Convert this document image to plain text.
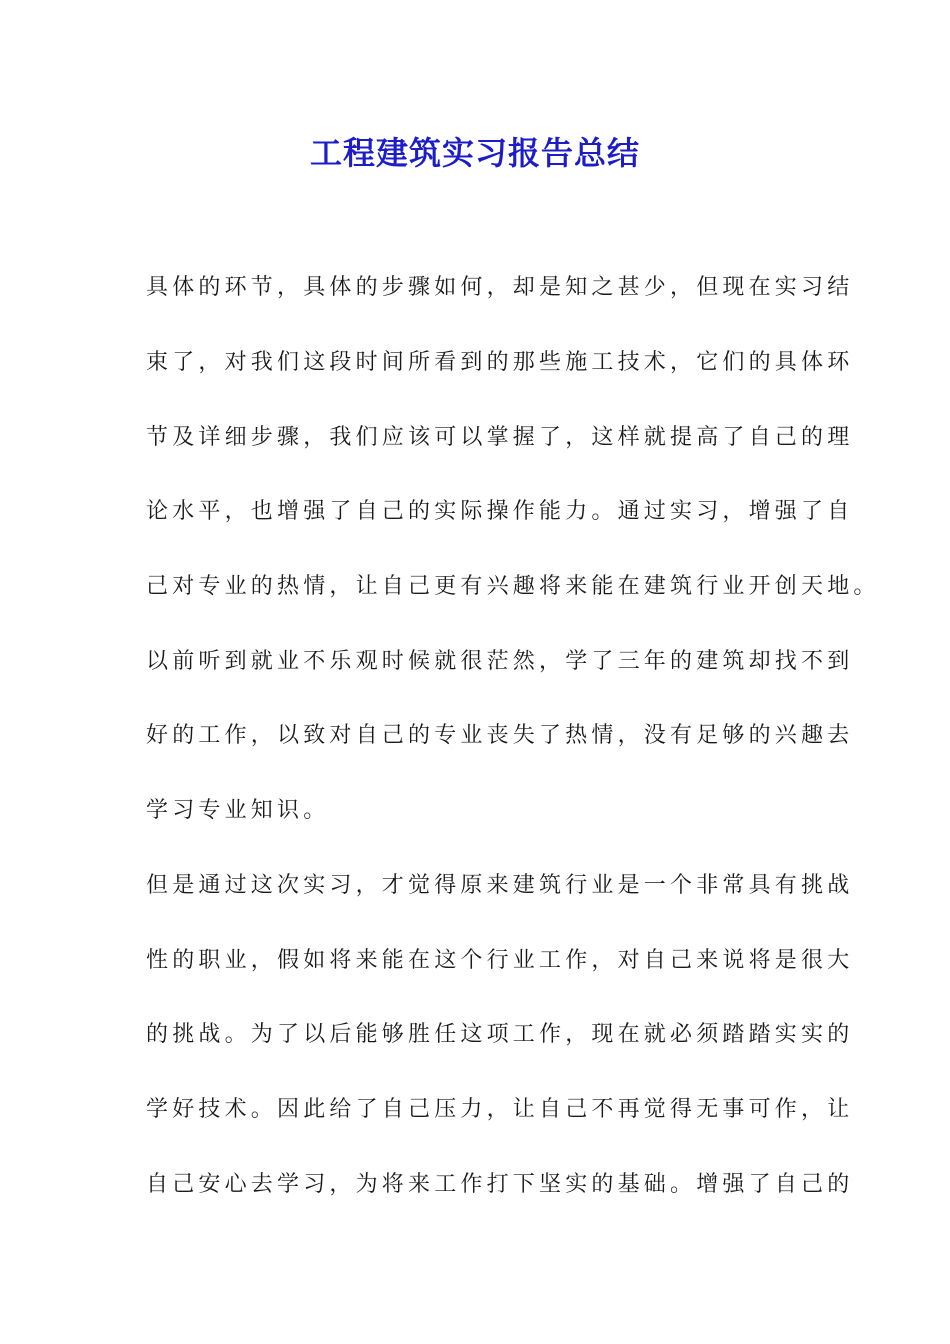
工程建筑实习报告总结
具体的环节，具体的步骤如何，却是知之甚少，但现在实习结
束了，对我们这段时间所看到的那些施工技术，它们的具体环
节及详细步骤，我们应该可以掌握了，这样就提高了自己的理
论水平，也增强了自己的实际操作能力。通过实习，增强了自
己对专业的热情，让自己更有兴趣将来能在建筑行业开创天地。
以前听到就业不乐观时候就很茫然，学了三年的建筑却找不到
好的工作，以致对自己的专业丧失了热情，没有足够的兴趣去
学习专业知识。
但是通过这次实习，才觉得原来建筑行业是一个非常具有挑战
性的职业，假如将来能在这个行业工作，对自己来说将是很大
的挑战。为了以后能够胜任这项工作，现在就必须踏踏实实的
学好技术。因此给了自己压力，让自己不再觉得无事可作，让
自己安心去学习，为将来工作打下坚实的基础。增强了自己的
